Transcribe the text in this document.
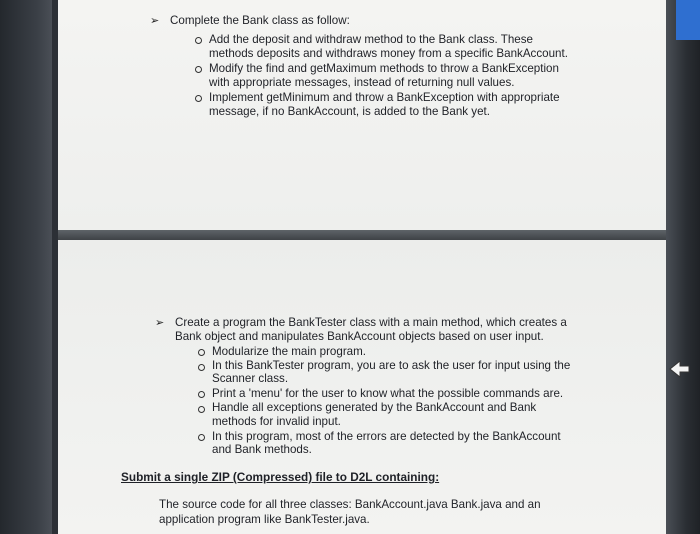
➢ Complete the Bank class as follow:
Add the deposit and withdraw method to the Bank class. These
methods deposits and withdraws money from a specific BankAccount.
Modify the find and getMaximum methods to throw a BankException
with appropriate messages, instead of returning null values.
Implement getMinimum and throw a BankException with appropriate
message, if no BankAccount, is added to the Bank yet.
➢ Create a program the BankTester class with a main method, which creates a
Bank object and manipulates BankAccount objects based on user input.
Modularize the main program.
In this BankTester program, you are to ask the user for input using the
Scanner class.
Print a 'menu' for the user to know what the possible commands are.
Handle all exceptions generated by the BankAccount and Bank
methods for invalid input.
In this program, most of the errors are detected by the BankAccount
and Bank methods.
Submit a single ZIP (Compressed) file to D2L containing:
The source code for all three classes: BankAccount.java Bank.java and an
application program like BankTester.java.
